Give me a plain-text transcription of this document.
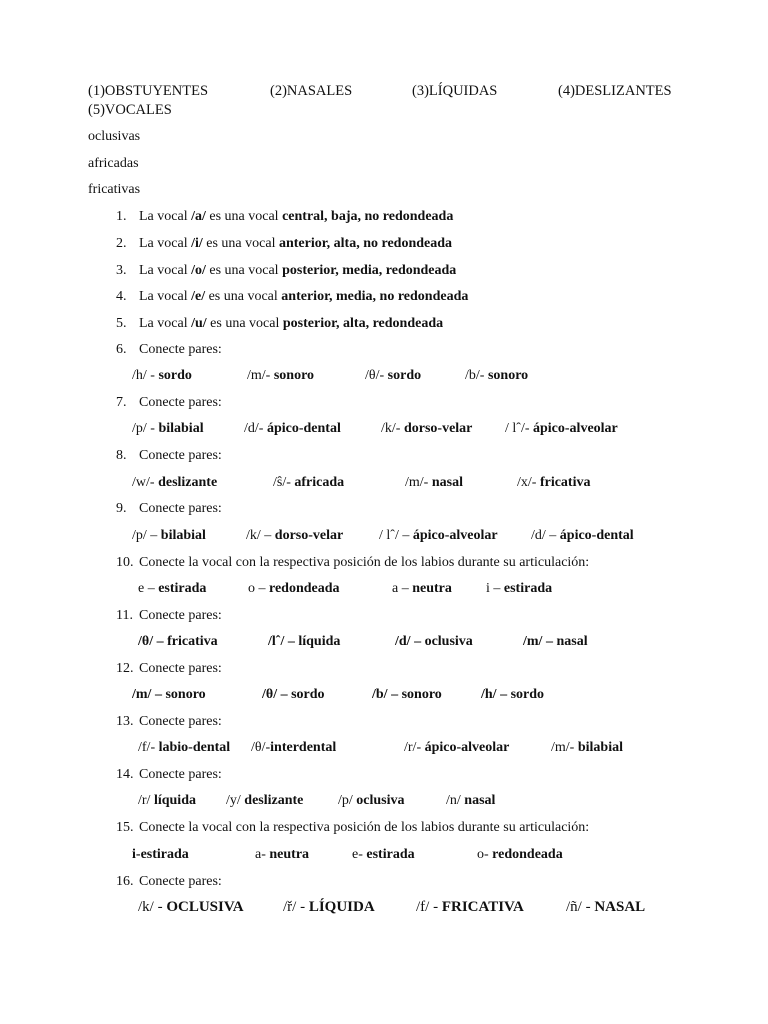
(1)OBSTUYENTES	(2)NASALES	(3)LÍQUIDAS	(4)DESLIZANTES
(5)VOCALES
oclusivas
africadas
fricativas
1. La vocal /a/ es una vocal central, baja, no redondeada
2. La vocal /i/ es una vocal anterior, alta, no redondeada
3. La vocal /o/ es una vocal posterior, media, redondeada
4. La vocal /e/ es una vocal anterior, media, no redondeada
5. La vocal /u/ es una vocal posterior, alta, redondeada
6. Conecte pares:
/h/ - sordo	/m/- sonoro	/θ/- sordo	/b/- sonoro
7. Conecte pares:
/p/ - bilabial	/d/- ápico-dental	/k/- dorso-velar / lˆ/- ápico-alveolar
8. Conecte pares:
/w/- deslizante	/ŝ/- africada	/m/- nasal	/x/- fricativa
9. Conecte pares:
/p/ – bilabial	/k/ – dorso-velar	/ lˆ/ – ápico-alveolar /d/ – ápico-dental
10. Conecte la vocal con la respectiva posición de los labios durante su articulación:
e – estirada	o – redondeada	a – neutra i – estirada
11. Conecte pares:
/θ/ – fricativa	/lˆ/ – líquida	/d/ – oclusiva	/m/ – nasal
12. Conecte pares:
/m/ – sonoro	/θ/ – sordo	/b/ – sonoro	/h/ – sordo
13. Conecte pares:
/f/- labio-dental /θ/-interdental	/r/- ápico-alveolar	/m/- bilabial
14. Conecte pares:
/r/ líquida /y/ deslizante /p/ oclusiva	/n/ nasal
15. Conecte la vocal con la respectiva posición de los labios durante su articulación:
i-estirada	a- neutra	e- estirada	o- redondeada
16. Conecte pares:
/k/ - OCLUSIVA	/ř/ - LÍQUIDA	/f/ - FRICATIVA	/ñ/ - NASAL
